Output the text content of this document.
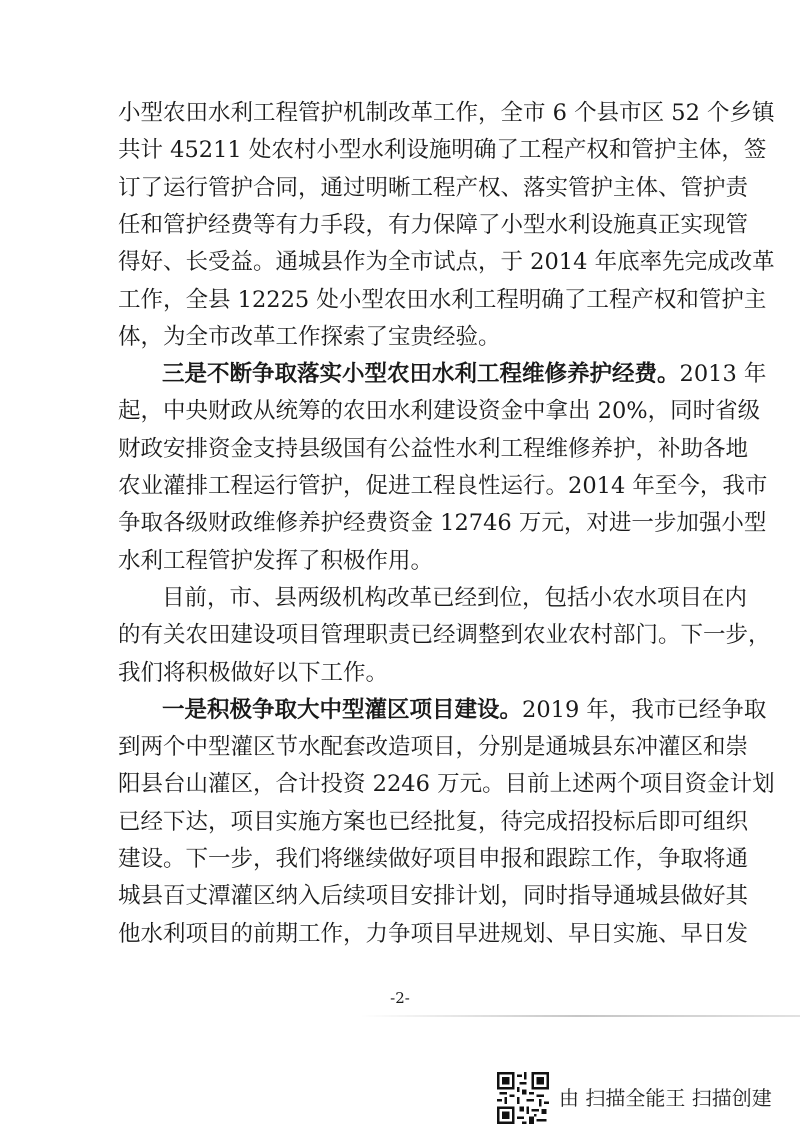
小型农田水利工程管护机制改革工作，全市 6 个县市区 52 个乡镇
共计 45211 处农村小型水利设施明确了工程产权和管护主体，签
订了运行管护合同，通过明晰工程产权、落实管护主体、管护责
任和管护经费等有力手段，有力保障了小型水利设施真正实现管
得好、长受益。通城县作为全市试点，于 2014 年底率先完成改革
工作，全县 12225 处小型农田水利工程明确了工程产权和管护主
体，为全市改革工作探索了宝贵经验。
三是不断争取落实小型农田水利工程维修养护经费。2013 年
起，中央财政从统筹的农田水利建设资金中拿出 20%，同时省级
财政安排资金支持县级国有公益性水利工程维修养护，补助各地
农业灌排工程运行管护，促进工程良性运行。2014 年至今，我市
争取各级财政维修养护经费资金 12746 万元，对进一步加强小型
水利工程管护发挥了积极作用。
目前，市、县两级机构改革已经到位，包括小农水项目在内
的有关农田建设项目管理职责已经调整到农业农村部门。下一步，
我们将积极做好以下工作。
一是积极争取大中型灌区项目建设。2019 年，我市已经争取
到两个中型灌区节水配套改造项目，分别是通城县东冲灌区和崇
阳县台山灌区，合计投资 2246 万元。目前上述两个项目资金计划
已经下达，项目实施方案也已经批复，待完成招投标后即可组织
建设。下一步，我们将继续做好项目申报和跟踪工作，争取将通
城县百丈潭灌区纳入后续项目安排计划，同时指导通城县做好其
他水利项目的前期工作，力争项目早进规划、早日实施、早日发
-2-
由 扫描全能王 扫描创建
